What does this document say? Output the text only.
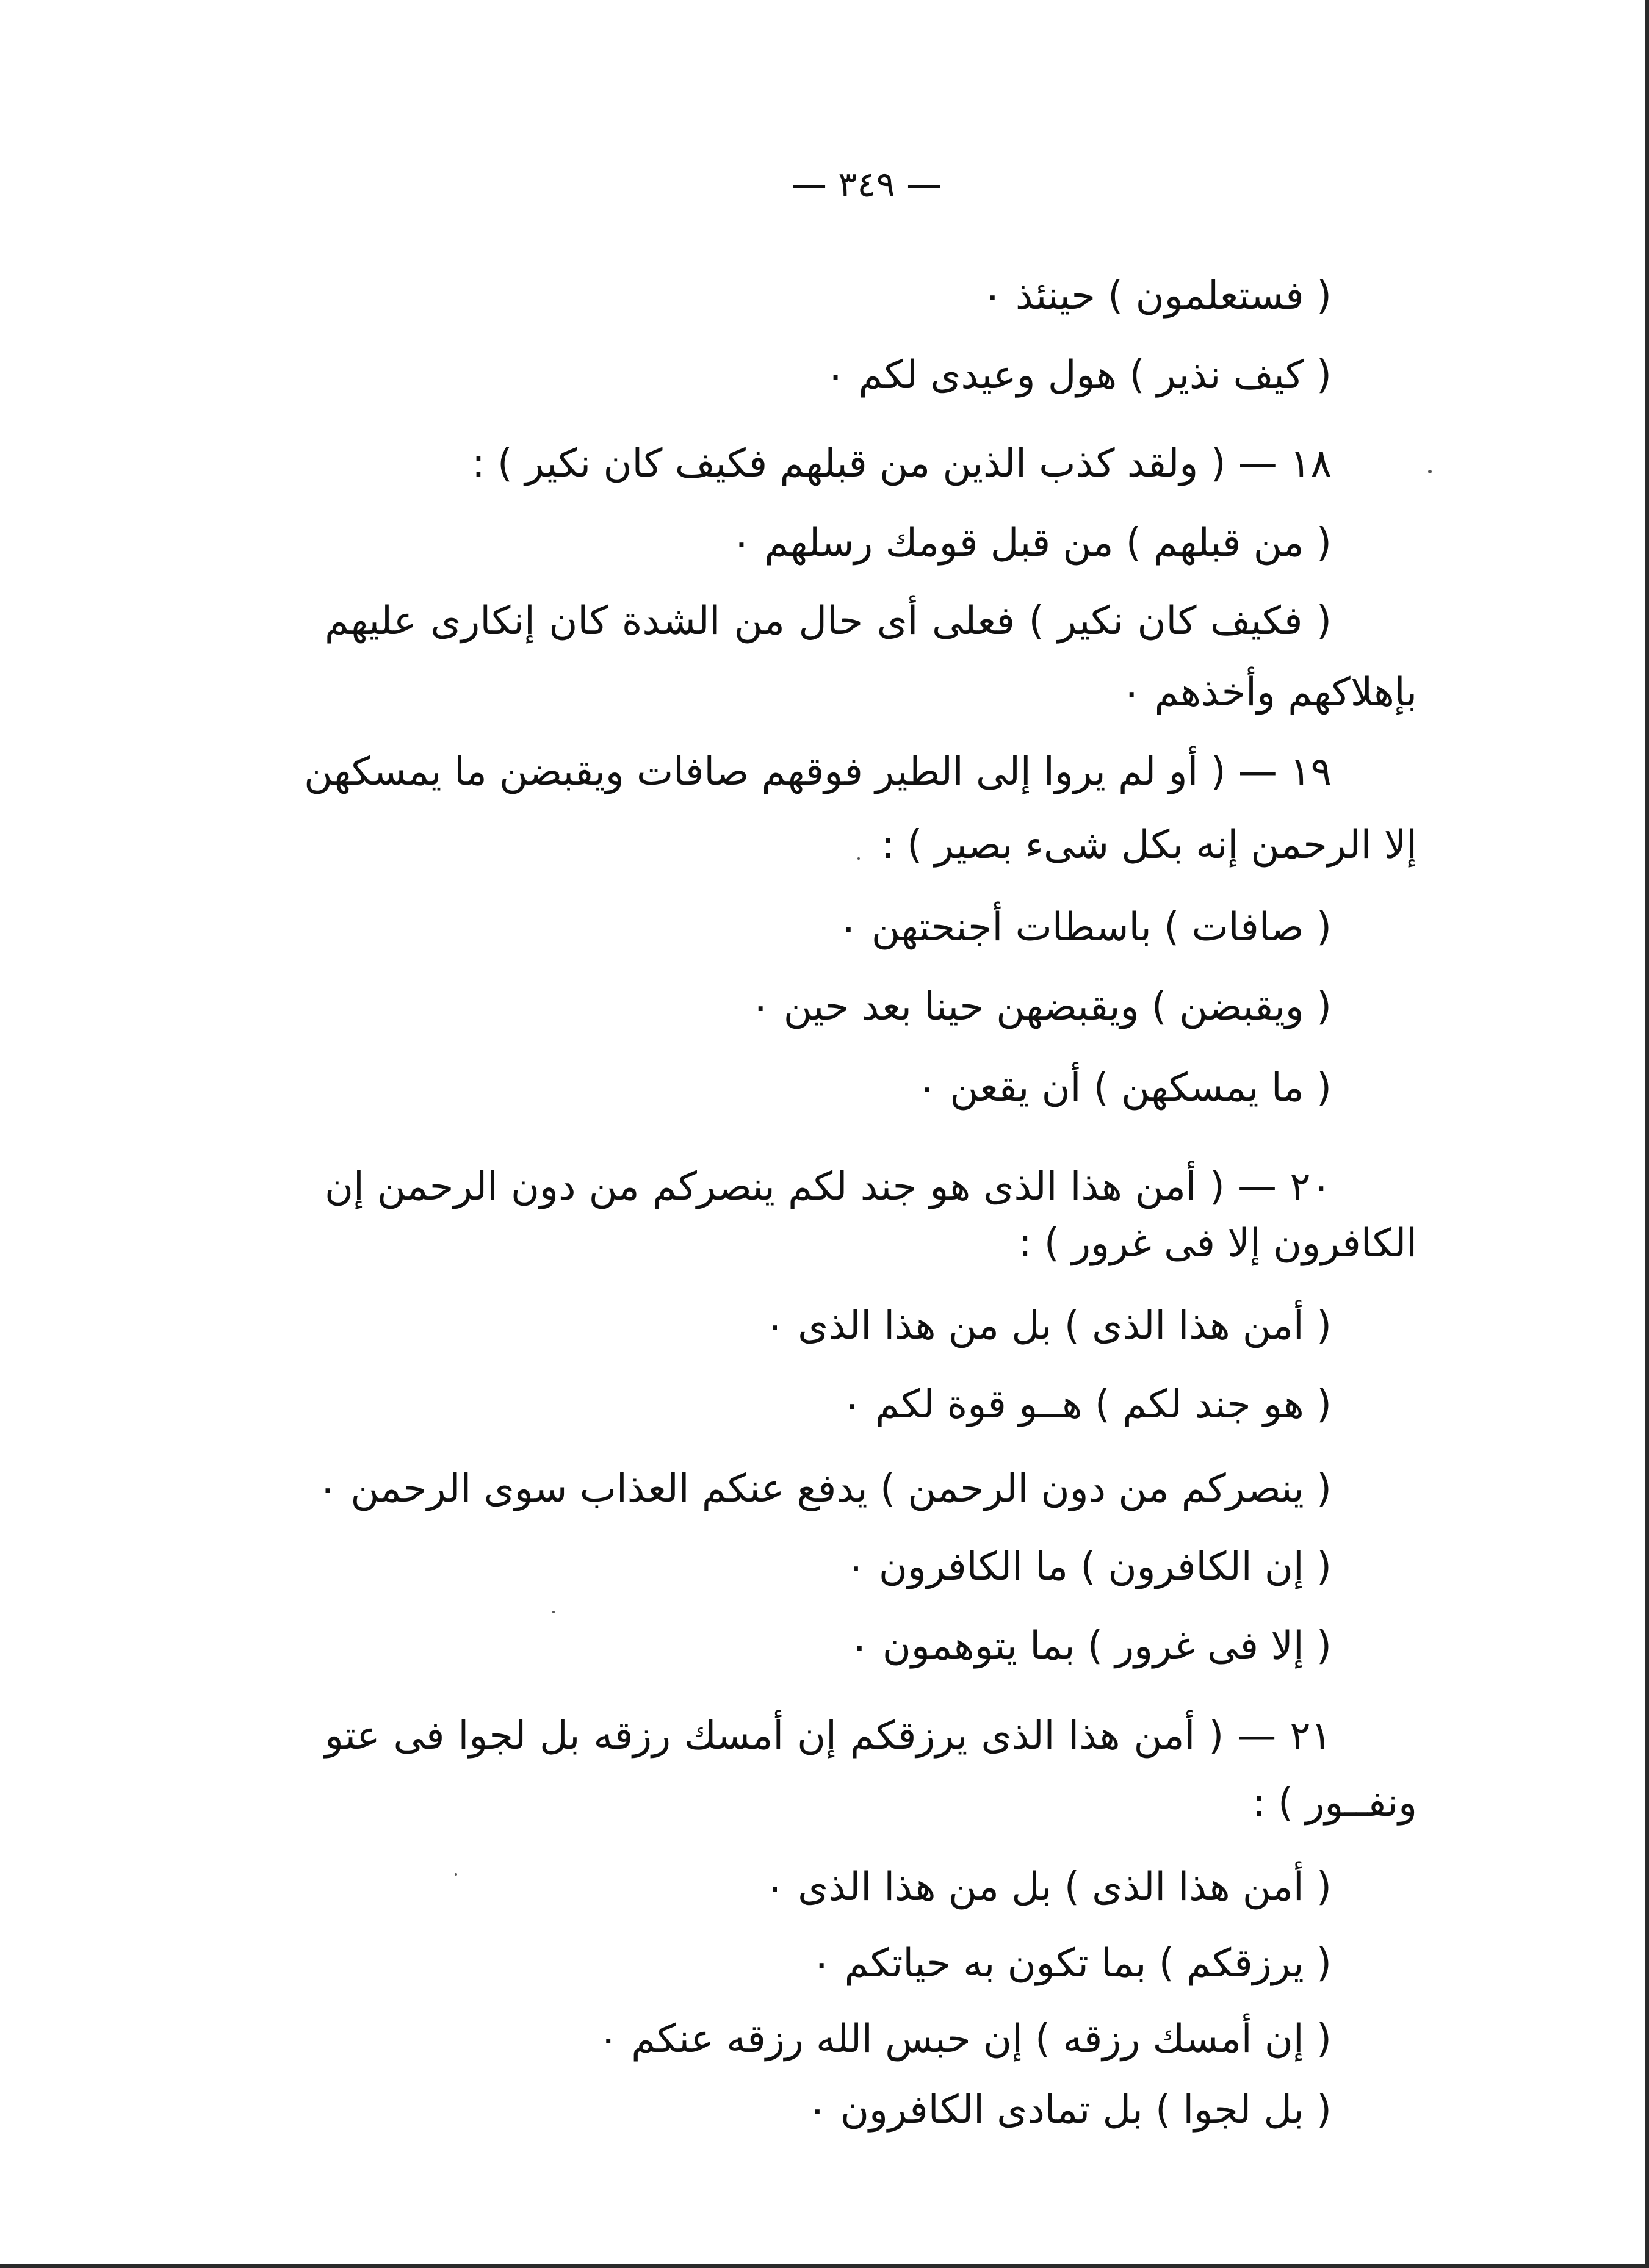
— ٣٤٩ —
( فستعلمون ) حينئذ ٠
( كيف نذير ) هول وعيدى لكم ٠
١٨ — ( ولقد كذب الذين من قبلهم فكيف كان نكير ) :
( من قبلهم ) من قبل قومك رسلهم ٠
( فكيف كان نكير ) فعلى أى حال من الشدة كان إنكارى عليهم
بإهلاكهم وأخذهم ٠
١٩ — ( أو لم يروا إلى الطير فوقهم صافات ويقبضن ما يمسكهن
إلا الرحمن إنه بكل شىء بصير ) :
( صافات ) باسطات أجنحتهن ٠
( ويقبضن ) ويقبضهن حينا بعد حين ٠
( ما يمسكهن ) أن يقعن ٠
٢٠ — ( أمن هذا الذى هو جند لكم ينصركم من دون الرحمن إن
الكافرون إلا فى غرور ) :
( أمن هذا الذى ) بل من هذا الذى ٠
( هو جند لكم ) هــو قوة لكم ٠
( ينصركم من دون الرحمن ) يدفع عنكم العذاب سوى الرحمن ٠
( إن الكافرون ) ما الكافرون ٠
( إلا فى غرور ) بما يتوهمون ٠
٢١ — ( أمن هذا الذى يرزقكم إن أمسك رزقه بل لجوا فى عتو
ونفــور ) :
( أمن هذا الذى ) بل من هذا الذى ٠
( يرزقكم ) بما تكون به حياتكم ٠
( إن أمسك رزقه ) إن حبس الله رزقه عنكم ٠
( بل لجوا ) بل تمادى الكافرون ٠
